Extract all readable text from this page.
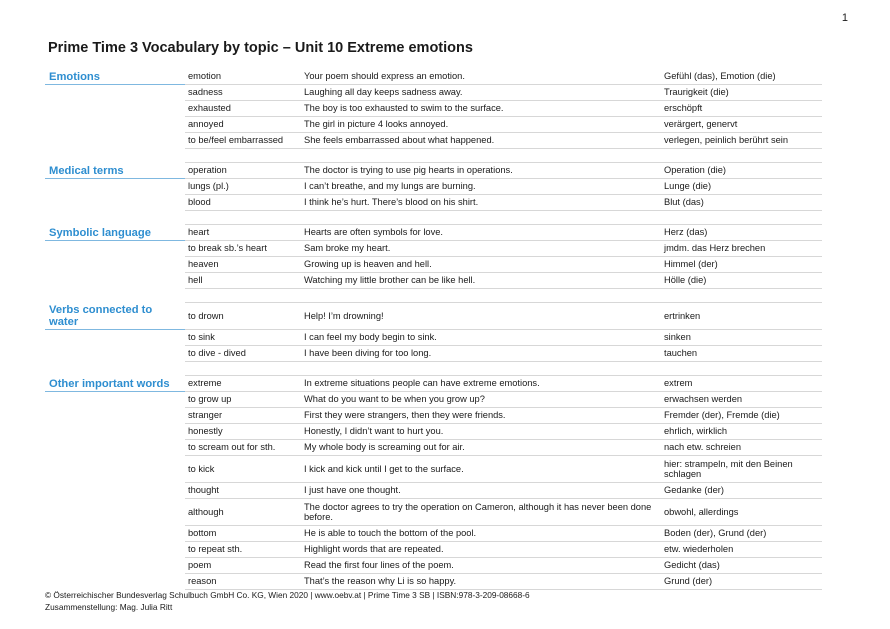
1
Prime Time 3 Vocabulary by topic – Unit 10 Extreme emotions
Emotions	emotion	Your poem should express an emotion.	Gefühl (das), Emotion (die)
	sadness	Laughing all day keeps sadness away.	Traurigkeit (die)
	exhausted	The boy is too exhausted to swim to the surface.	erschöpft
	annoyed	The girl in picture 4 looks annoyed.	verärgert, genervt
	to be/feel embarrassed	She feels embarrassed about what happened.	verlegen, peinlich berührt sein

Medical terms	operation	The doctor is trying to use pig hearts in operations.	Operation (die)
	lungs (pl.)	I can’t breathe, and my lungs are burning.	Lunge (die)
	blood	I think he’s hurt. There’s blood on his shirt.	Blut (das)

Symbolic language	heart	Hearts are often symbols for love.	Herz (das)
	to break sb.’s heart	Sam broke my heart.	jmdm. das Herz brechen
	heaven	Growing up is heaven and hell.	Himmel (der)
	hell	Watching my little brother can be like hell.	Hölle (die)

Verbs connected to water	to drown	Help! I’m drowning!	ertrinken
	to sink	I can feel my body begin to sink.	sinken
	to dive - dived	I have been diving for too long.	tauchen

Other important words	extreme	In extreme situations people can have extreme emotions.	extrem
	to grow up	What do you want to be when you grow up?	erwachsen werden
	stranger	First they were strangers, then they were friends.	Fremder (der), Fremde (die)
	honestly	Honestly, I didn’t want to hurt you.	ehrlich, wirklich
	to scream out for sth.	My whole body is screaming out for air.	nach etw. schreien
	to kick	I kick and kick until I get to the surface.	hier: strampeln, mit den Beinen schlagen
	thought	I just have one thought.	Gedanke (der)
	although	The doctor agrees to try the operation on Cameron, although it has never been done before.	obwohl, allerdings
	bottom	He is able to touch the bottom of the pool.	Boden (der), Grund (der)
	to repeat sth.	Highlight words that are repeated.	etw. wiederholen
	poem	Read the first four lines of the poem.	Gedicht (das)
	reason	That’s the reason why Li is so happy.	Grund (der)
© Österreichischer Bundesverlag Schulbuch GmbH Co. KG, Wien 2020 | www.oebv.at | Prime Time 3 SB | ISBN:978-3-209-08668-6
Zusammenstellung: Mag. Julia Ritt
